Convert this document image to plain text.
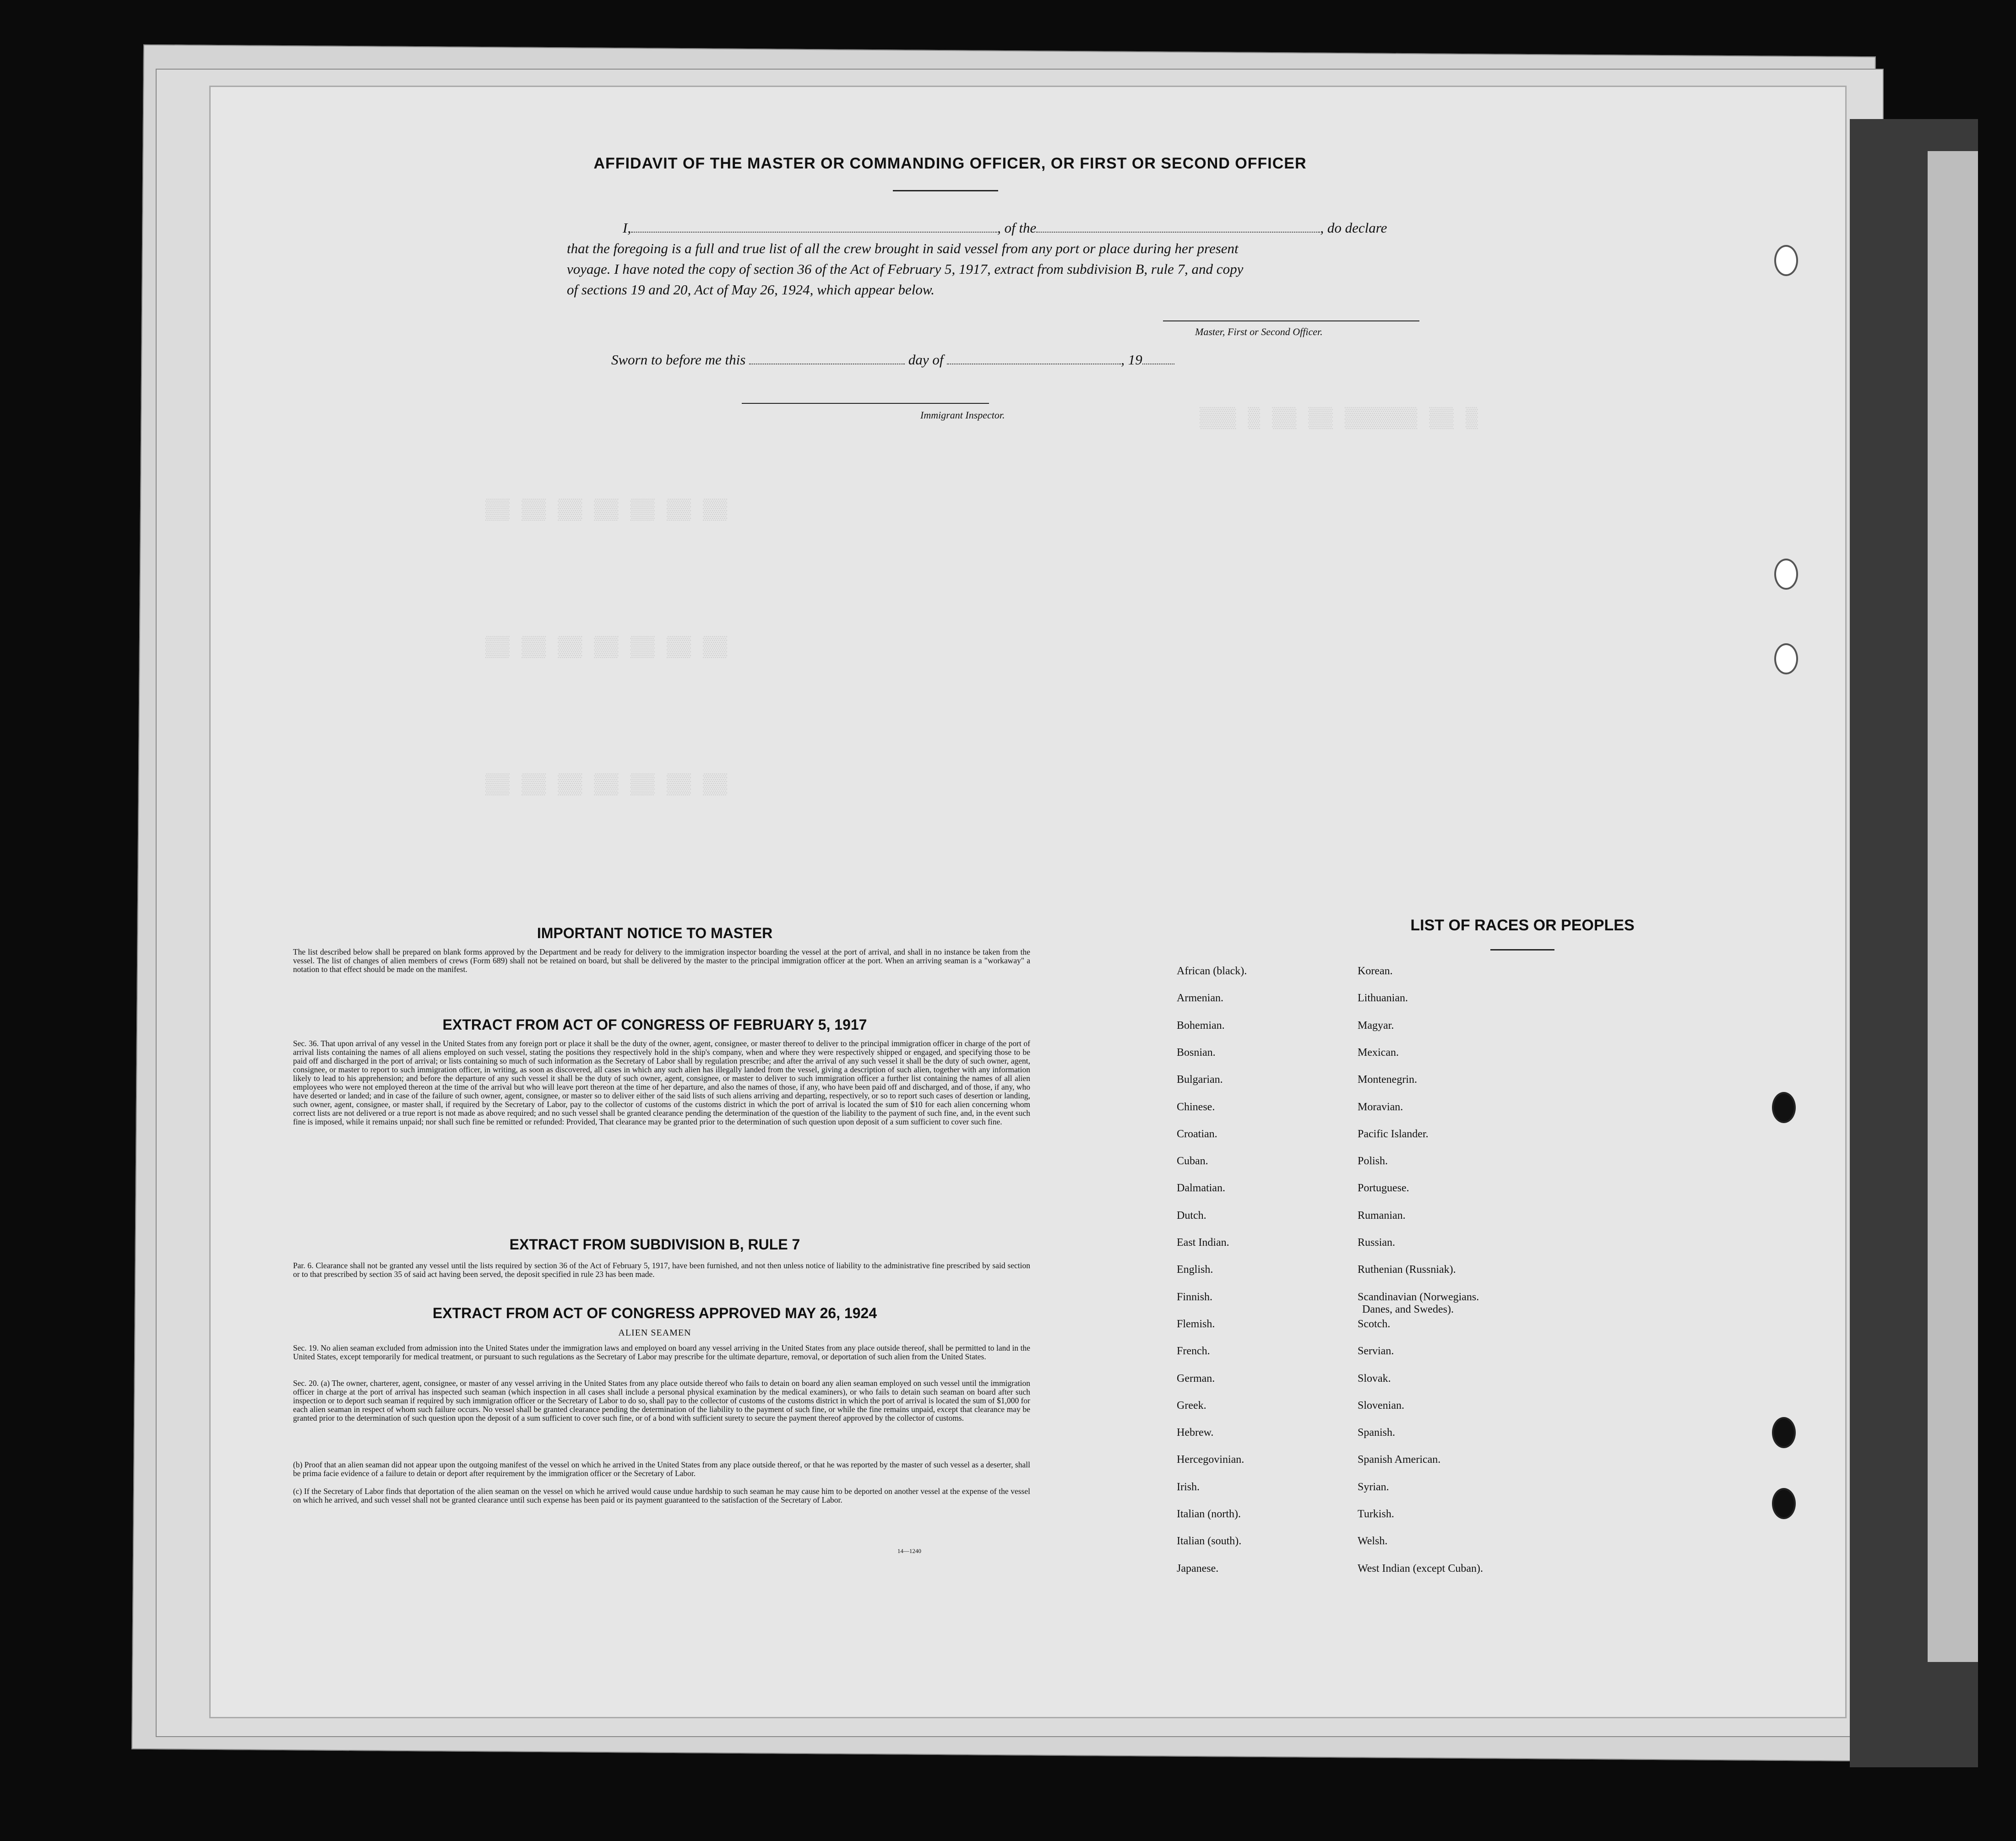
▒ ▒▒ ▒▒▒▒▒▒ ▒▒ ▒▒ ▒ ▒▒▒
▒▒ ▒▒ ▒▒ ▒▒ ▒▒ ▒▒ ▒▒
▒▒ ▒▒ ▒▒ ▒▒ ▒▒ ▒▒ ▒▒
▒▒ ▒▒ ▒▒ ▒▒ ▒▒ ▒▒ ▒▒
AFFIDAVIT OF THE MASTER OR COMMANDING OFFICER, OR FIRST OR SECOND OFFICER
I,	, of the	, do declare
that the foregoing is a full and true list of all the crew brought in said vessel from any port or place during her present
voyage. I have noted the copy of section 36 of the Act of February 5, 1917, extract from subdivision B, rule 7, and copy
of sections 19 and 20, Act of May 26, 1924, which appear below.
Master, First or Second Officer.
Sworn to before me this	day of	, 19
Immigrant Inspector.
IMPORTANT NOTICE TO MASTER

The list described below shall be prepared on blank forms approved by the Department and be ready for delivery to the immigration inspector boarding the vessel at the port of arrival, and shall in no instance be taken from the vessel. The list of changes of alien members of crews (Form 689) shall not be retained on board, but shall be delivered by the master to the principal immigration officer at the port. When an arriving seaman is a "workaway" a notation to that effect should be made on the manifest.

EXTRACT FROM ACT OF CONGRESS OF FEBRUARY 5, 1917

Sec. 36. That upon arrival of any vessel in the United States from any foreign port or place it shall be the duty of the owner, agent, consignee, or master thereof to deliver to the principal immigration officer in charge of the port of arrival lists containing the names of all aliens employed on such vessel, stating the positions they respectively hold in the ship's company, when and where they were respectively shipped or engaged, and specifying those to be paid off and discharged in the port of arrival; or lists containing so much of such information as the Secretary of Labor shall by regulation prescribe; and after the arrival of any such vessel it shall be the duty of such owner, agent, consignee, or master to report to such immigration officer, in writing, as soon as discovered, all cases in which any such alien has illegally landed from the vessel, giving a description of such alien, together with any information likely to lead to his apprehension; and before the departure of any such vessel it shall be the duty of such owner, agent, consignee, or master to deliver to such immigration officer a further list containing the names of all alien employees who were not employed thereon at the time of the arrival but who will leave port thereon at the time of her departure, and also the names of those, if any, who have been paid off and discharged, and of those, if any, who have deserted or landed; and in case of the failure of such owner, agent, consignee, or master so to deliver either of the said lists of such aliens arriving and departing, respectively, or so to report such cases of desertion or landing, such owner, agent, consignee, or master shall, if required by the Secretary of Labor, pay to the collector of customs of the customs district in which the port of arrival is located the sum of $10 for each alien concerning whom correct lists are not delivered or a true report is not made as above required; and no such vessel shall be granted clearance pending the determination of the question of the liability to the payment of such fine, and, in the event such fine is imposed, while it remains unpaid; nor shall such fine be remitted or refunded: Provided, That clearance may be granted prior to the determination of such question upon deposit of a sum sufficient to cover such fine.

EXTRACT FROM SUBDIVISION B, RULE 7

Par. 6. Clearance shall not be granted any vessel until the lists required by section 36 of the Act of February 5, 1917, have been furnished, and not then unless notice of liability to the administrative fine prescribed by said section or to that prescribed by section 35 of said act having been served, the deposit specified in rule 23 has been made.

EXTRACT FROM ACT OF CONGRESS APPROVED MAY 26, 1924
ALIEN SEAMEN

Sec. 19. No alien seaman excluded from admission into the United States under the immigration laws and employed on board any vessel arriving in the United States from any place outside thereof, shall be permitted to land in the United States, except temporarily for medical treatment, or pursuant to such regulations as the Secretary of Labor may prescribe for the ultimate departure, removal, or deportation of such alien from the United States.

Sec. 20. (a) The owner, charterer, agent, consignee, or master of any vessel arriving in the United States from any place outside thereof who fails to detain on board any alien seaman employed on such vessel until the immigration officer in charge at the port of arrival has inspected such seaman (which inspection in all cases shall include a personal physical examination by the medical examiners), or who fails to detain such seaman on board after such inspection or to deport such seaman if required by such immigration officer or the Secretary of Labor to do so, shall pay to the collector of customs of the customs district in which the port of arrival is located the sum of $1,000 for each alien seaman in respect of whom such failure occurs. No vessel shall be granted clearance pending the determination of the liability to the payment of such fine, or while the fine remains unpaid, except that clearance may be granted prior to the determination of such question upon the deposit of a sum sufficient to cover such fine, or of a bond with sufficient surety to secure the payment thereof approved by the collector of customs.

(b) Proof that an alien seaman did not appear upon the outgoing manifest of the vessel on which he arrived in the United States from any place outside thereof, or that he was reported by the master of such vessel as a deserter, shall be prima facie evidence of a failure to detain or deport after requirement by the immigration officer or the Secretary of Labor.

(c) If the Secretary of Labor finds that deportation of the alien seaman on the vessel on which he arrived would cause undue hardship to such seaman he may cause him to be deported on another vessel at the expense of the vessel on which he arrived, and such vessel shall not be granted clearance until such expense has been paid or its payment guaranteed to the satisfaction of the Secretary of Labor.

14—1240
LIST OF RACES OR PEOPLES
African (black).
Armenian.
Bohemian.
Bosnian.
Bulgarian.
Chinese.
Croatian.
Cuban.
Dalmatian.
Dutch.
East Indian.
English.
Finnish.
Flemish.
French.
German.
Greek.
Hebrew.
Hercegovinian.
Irish.
Italian (north).
Italian (south).
Japanese.
Korean.
Lithuanian.
Magyar.
Mexican.
Montenegrin.
Moravian.
Pacific Islander.
Polish.
Portuguese.
Rumanian.
Russian.
Ruthenian (Russniak).
Scandinavian (Norwegians.
Danes, and Swedes).
Scotch.
Servian.
Slovak.
Slovenian.
Spanish.
Spanish American.
Syrian.
Turkish.
Welsh.
West Indian (except Cuban).
